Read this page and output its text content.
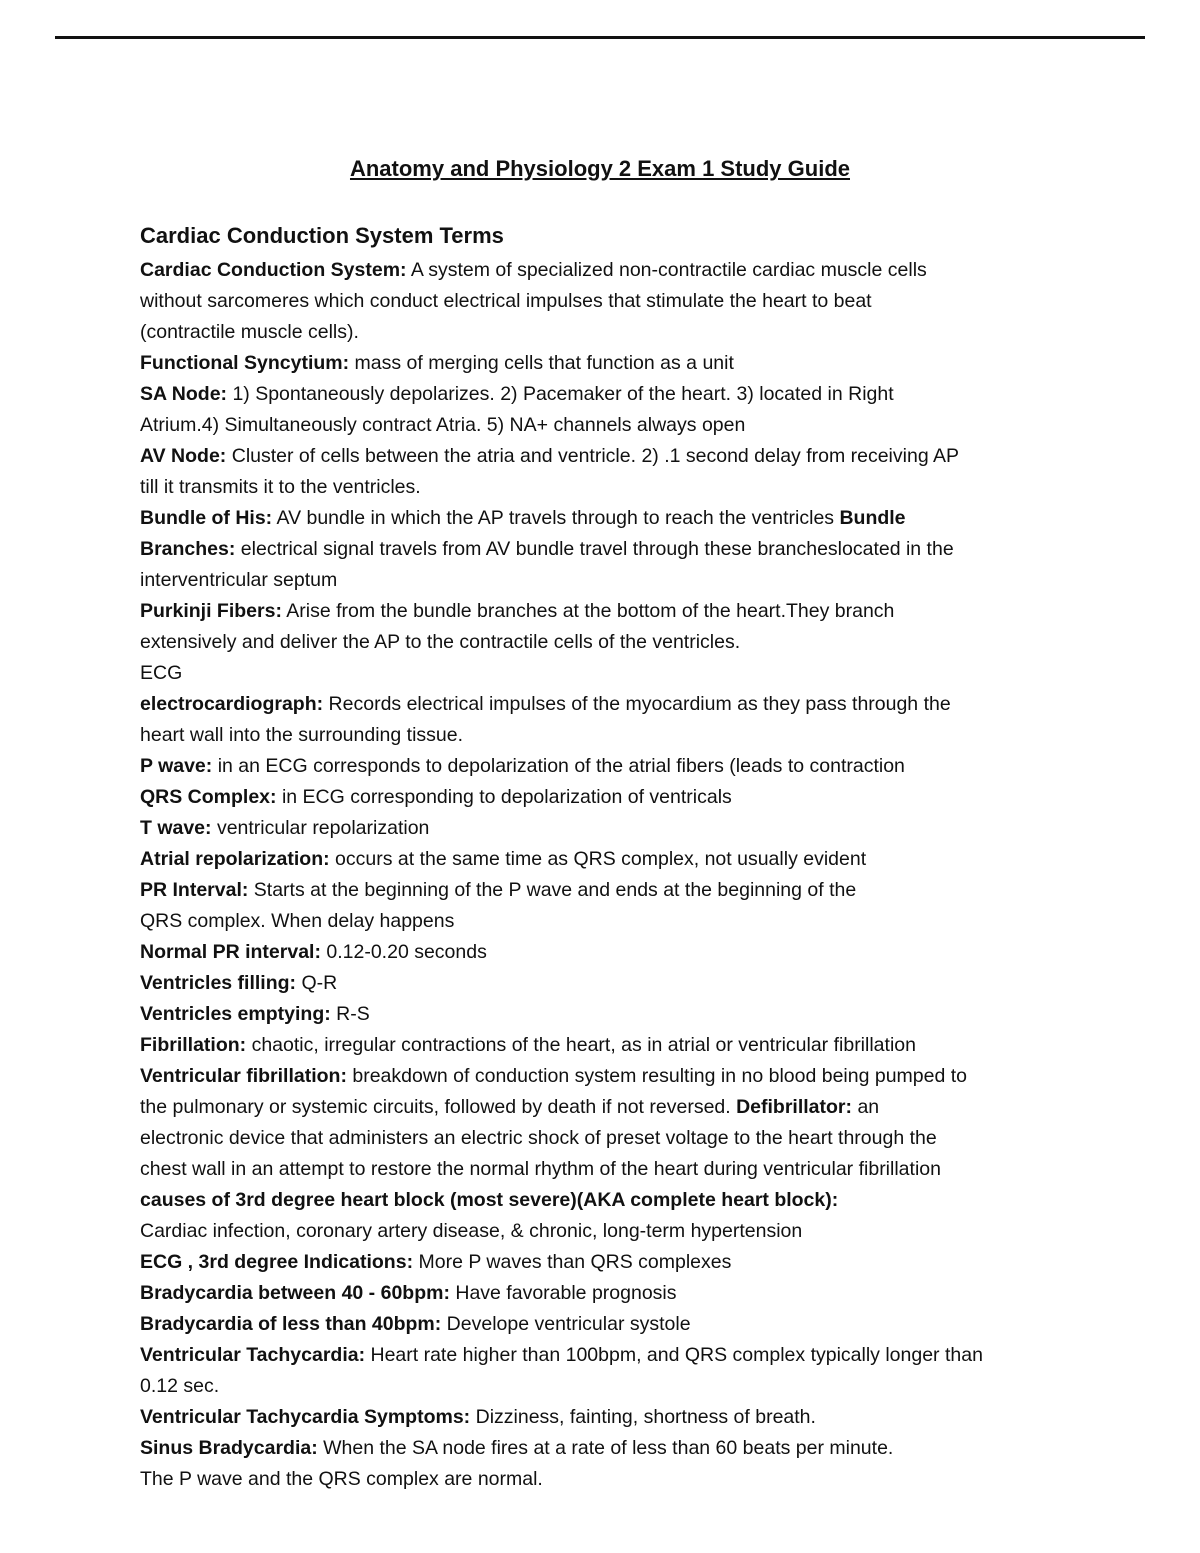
Anatomy and Physiology 2 Exam 1 Study Guide
Cardiac Conduction System Terms
Cardiac Conduction System: A system of specialized non-contractile cardiac muscle cells
without sarcomeres which conduct electrical impulses that stimulate the heart to beat
(contractile muscle cells).
Functional Syncytium: mass of merging cells that function as a unit
SA Node: 1) Spontaneously depolarizes. 2) Pacemaker of the heart. 3) located in Right
Atrium.4) Simultaneously contract Atria. 5) NA+ channels always open
AV Node: Cluster of cells between the atria and ventricle. 2) .1 second delay from receiving AP
till it transmits it to the ventricles.
Bundle of His: AV bundle in which the AP travels through to reach the ventricles Bundle
Branches: electrical signal travels from AV bundle travel through these brancheslocated in the
interventricular septum
Purkinji Fibers: Arise from the bundle branches at the bottom of the heart.They branch
extensively and deliver the AP to the contractile cells of the ventricles.
ECG
electrocardiograph: Records electrical impulses of the myocardium as they pass through the
heart wall into the surrounding tissue.
P wave: in an ECG corresponds to depolarization of the atrial fibers (leads to contraction
QRS Complex: in ECG corresponding to depolarization of ventricals
T wave: ventricular repolarization
Atrial repolarization: occurs at the same time as QRS complex, not usually evident
PR Interval: Starts at the beginning of the P wave and ends at the beginning of the
QRS complex. When delay happens
Normal PR interval: 0.12-0.20 seconds
Ventricles filling: Q-R
Ventricles emptying: R-S
Fibrillation: chaotic, irregular contractions of the heart, as in atrial or ventricular fibrillation
Ventricular fibrillation: breakdown of conduction system resulting in no blood being pumped to
the pulmonary or systemic circuits, followed by death if not reversed. Defibrillator: an
electronic device that administers an electric shock of preset voltage to the heart through the
chest wall in an attempt to restore the normal rhythm of the heart during ventricular fibrillation
causes of 3rd degree heart block (most severe)(AKA complete heart block):
Cardiac infection, coronary artery disease, & chronic, long-term hypertension
ECG , 3rd degree Indications: More P waves than QRS complexes
Bradycardia between 40 - 60bpm: Have favorable prognosis
Bradycardia of less than 40bpm: Develope ventricular systole
Ventricular Tachycardia: Heart rate higher than 100bpm, and QRS complex typically longer than
0.12 sec.
Ventricular Tachycardia Symptoms: Dizziness, fainting, shortness of breath.
Sinus Bradycardia: When the SA node fires at a rate of less than 60 beats per minute.
The P wave and the QRS complex are normal.
